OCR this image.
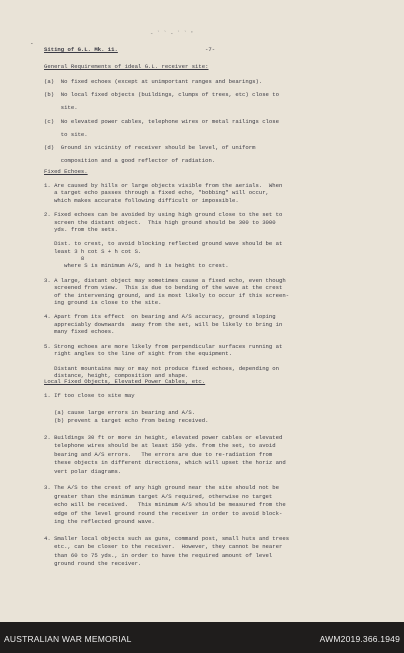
- ` ` - ` ` '
-
Siting of G.L. Mk. 11.	-7-
General Requirements of ideal G.L. receiver site:
(a)  No fixed echoes (except at unimportant ranges and bearings).
(b)  No local fixed objects (buildings, clumps of trees, etc) close to
site.
(c)  No elevated power cables, telephone wires or metal railings close
to site.
(d)  Ground in vicinity of receiver should be level, of uniform
composition and a good reflector of radiation.
Fixed Echoes.
1. Are caused by hills or large objects visible from the aerials.  When
a target echo passes through a fixed echo, "bobbing" will occur,
which makes accurate following difficult or impossible.
2. Fixed echoes can be avoided by using high ground close to the set to
screen the distant object.  This high ground should be 300 to 3000
yds. from the sets.
Dist. to crest, to avoid blocking reflected ground wave should be at
least 3 h cot S + h cot S.
8
where S is minimum A/S, and h is height to crest.
3. A large, distant object may sometimes cause a fixed echo, even though
screened from view.  This is due to bending of the wave at the crest
of the intervening ground, and is most likely to occur if this screen-
ing ground is close to the site.
4. Apart from its effect  on bearing and A/S accuracy, ground sloping
appreciably downwards  away from the set, will be likely to bring in
many fixed echoes.
5. Strong echoes are more likely from perpendicular surfaces running at
right angles to the line of sight from the equipment.
Distant mountains may or may not produce fixed echoes, depending on
distance, height, composition and shape.
Local Fixed Objects, Elevated Power Cables, etc.
1. If too close to site may
(a) cause large errors in bearing and A/S.
(b) prevent a target echo from being received.
2. Buildings 30 ft or more in height, elevated power cables or elevated
telephone wires should be at least 150 yds. from the set, to avoid
bearing and A/S errors.   The errors are due to re-radiation from
these objects in different directions, which will upset the horiz and
vert polar diagrams.
3. The A/S to the crest of any high ground near the site should not be
greater than the minimum target A/S required, otherwise no target
echo will be received.   This minimum A/S should be measured from the
edge of the level ground round the receiver in order to avoid block-
ing the reflected ground wave.
4. Smaller local objects such as guns, command post, small huts and trees
etc., can be closer to the receiver.  However, they cannot be nearer
than 60 to 75 yds., in order to have the required amount of level
ground round the receiver.
AUSTRALIAN WAR MEMORIAL	AWM2019.366.1949
